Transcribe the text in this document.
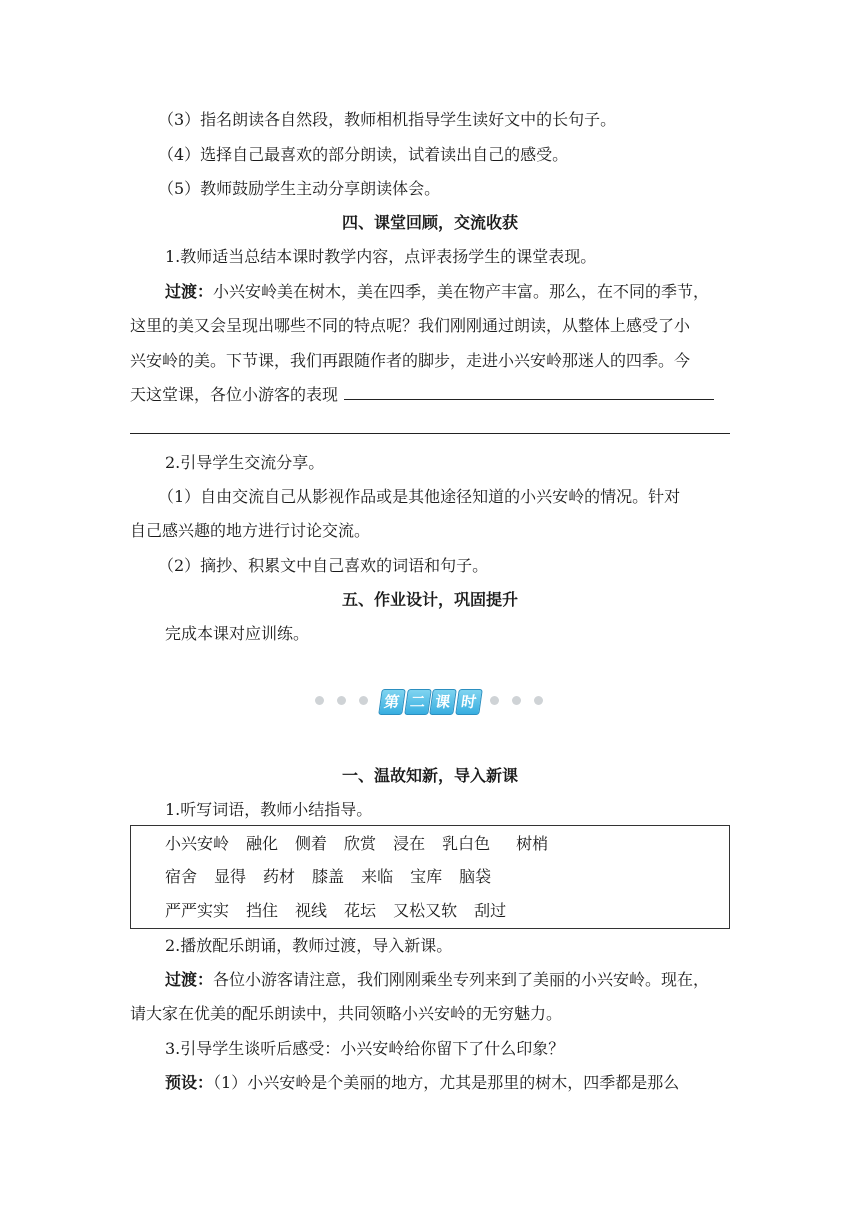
（3）指名朗读各自然段，教师相机指导学生读好文中的长句子。
（4）选择自己最喜欢的部分朗读，试着读出自己的感受。
（5）教师鼓励学生主动分享朗读体会。
四、课堂回顾，交流收获
1.教师适当总结本课时教学内容，点评表扬学生的课堂表现。
过渡：小兴安岭美在树木，美在四季，美在物产丰富。那么，在不同的季节，
这里的美又会呈现出哪些不同的特点呢？我们刚刚通过朗读，从整体上感受了小
兴安岭的美。下节课，我们再跟随作者的脚步，走进小兴安岭那迷人的四季。今
天这堂课，各位小游客的表现
2.引导学生交流分享。
（1）自由交流自己从影视作品或是其他途径知道的小兴安岭的情况。针对
自己感兴趣的地方进行讨论交流。
（2）摘抄、积累文中自己喜欢的词语和句子。
五、作业设计，巩固提升
完成本课对应训练。
第 二 课 时
一、温故知新，导入新课
1.听写词语，教师小结指导。
小兴安岭 融化 侧着 欣赏 浸在 乳白色 树梢
宿舍 显得 药材 膝盖 来临 宝库 脑袋
严严实实 挡住 视线 花坛 又松又软 刮过
2.播放配乐朗诵，教师过渡，导入新课。
过渡：各位小游客请注意，我们刚刚乘坐专列来到了美丽的小兴安岭。现在，
请大家在优美的配乐朗读中，共同领略小兴安岭的无穷魅力。
3.引导学生谈听后感受：小兴安岭给你留下了什么印象？
预设：（1）小兴安岭是个美丽的地方，尤其是那里的树木，四季都是那么
